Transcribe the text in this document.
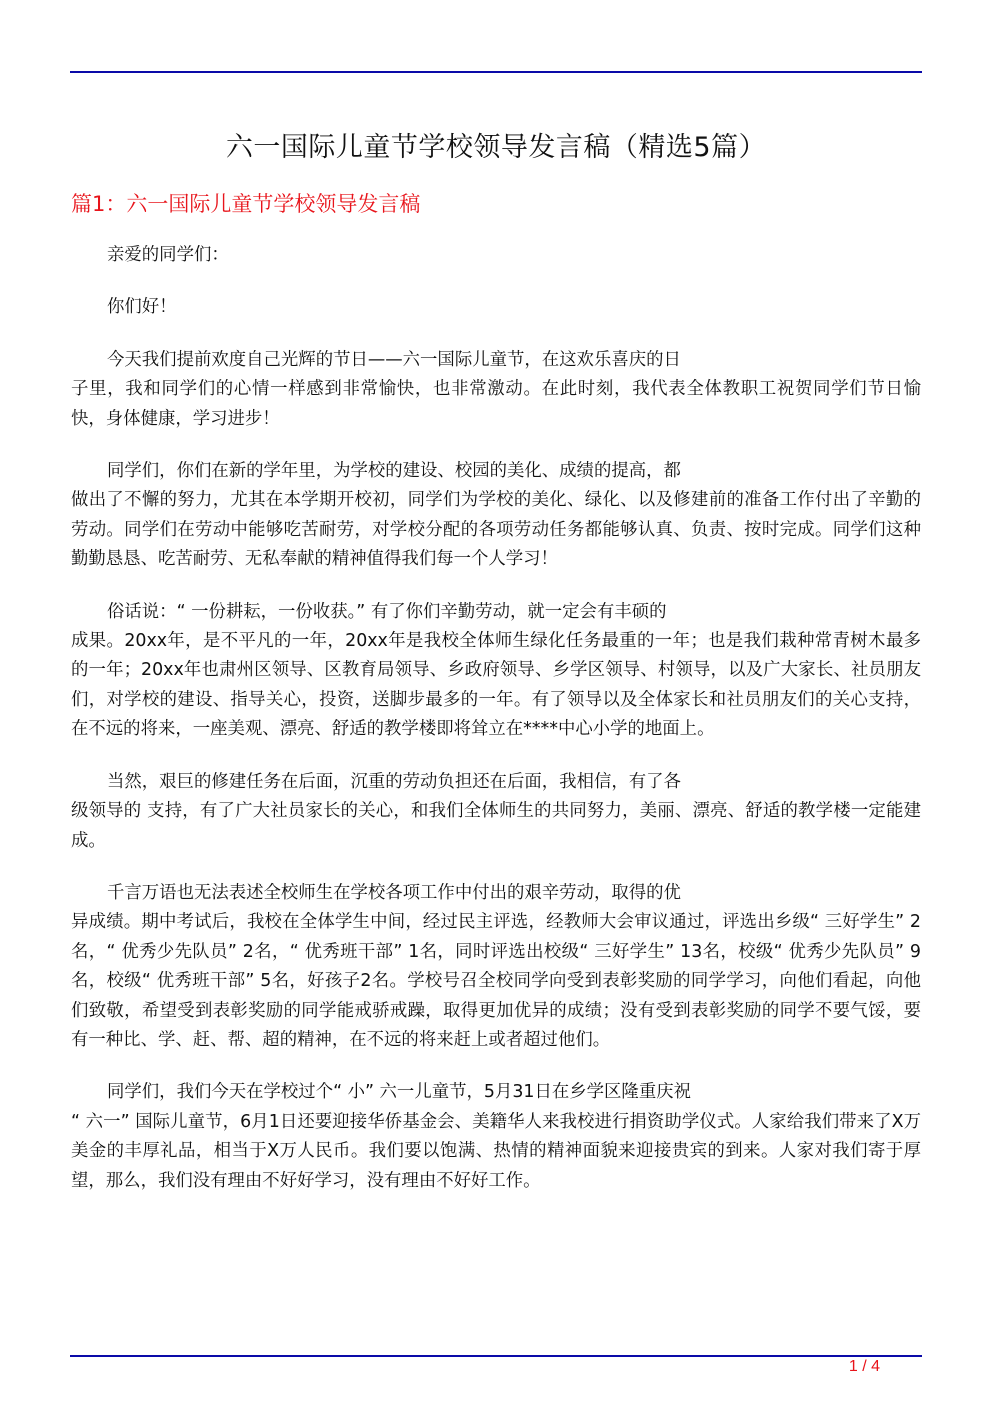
六一国际儿童节学校领导发言稿（精选5篇）
篇1：六一国际儿童节学校领导发言稿

亲爱的同学们：

你们好！

今天我们提前欢度自己光辉的节日——六一国际儿童节，在这欢乐喜庆的日
子里，我和同学们的心情一样感到非常愉快，也非常激动。在此时刻，我代表全体教职工祝贺同学们节日愉快，身体健康，学习进步！

同学们，你们在新的学年里，为学校的建设、校园的美化、成绩的提高，都
做出了不懈的努力，尤其在本学期开校初，同学们为学校的美化、绿化、以及修建前的准备工作付出了辛勤的劳动。同学们在劳动中能够吃苦耐劳，对学校分配的各项劳动任务都能够认真、负责、按时完成。同学们这种勤勤恳恳、吃苦耐劳、无私奉献的精神值得我们每一个人学习！

俗话说：“ 一份耕耘，一份收获。” 有了你们辛勤劳动，就一定会有丰硕的
成果。20xx年，是不平凡的一年，20xx年是我校全体师生绿化任务最重的一年；也是我们栽种常青树木最多的一年；20xx年也肃州区领导、区教育局领导、乡政府领导、乡学区领导、村领导，以及广大家长、社员朋友们，对学校的建设、指导关心，投资，送脚步最多的一年。有了领导以及全体家长和社员朋友们的关心支持，在不远的将来，一座美观、漂亮、舒适的教学楼即将耸立在****中心小学的地面上。

当然，艰巨的修建任务在后面，沉重的劳动负担还在后面，我相信，有了各
级领导的 支持，有了广大社员家长的关心，和我们全体师生的共同努力，美丽、漂亮、舒适的教学楼一定能建成。

千言万语也无法表述全校师生在学校各项工作中付出的艰辛劳动，取得的优
异成绩。期中考试后，我校在全体学生中间，经过民主评选，经教师大会审议通过，评选出乡级“ 三好学生” 2名，“ 优秀少先队员” 2名，“ 优秀班干部” 1名，同时评选出校级“ 三好学生” 13名，校级“ 优秀少先队员” 9名，校级“ 优秀班干部” 5名，好孩子2名。学校号召全校同学向受到表彰奖励的同学学习，向他们看起，向他们致敬，希望受到表彰奖励的同学能戒骄戒躁，取得更加优异的成绩；没有受到表彰奖励的同学不要气馁，要有一种比、学、赶、帮、超的精神，在不远的将来赶上或者超过他们。

同学们，我们今天在学校过个“ 小” 六一儿童节，5月31日在乡学区隆重庆祝
“ 六一” 国际儿童节，6月1日还要迎接华侨基金会、美籍华人来我校进行捐资助学仪式。人家给我们带来了X万美金的丰厚礼品，相当于X万人民币。我们要以饱满、热情的精神面貌来迎接贵宾的到来。人家对我们寄于厚望，那么，我们没有理由不好好学习，没有理由不好好工作。

1 / 4
